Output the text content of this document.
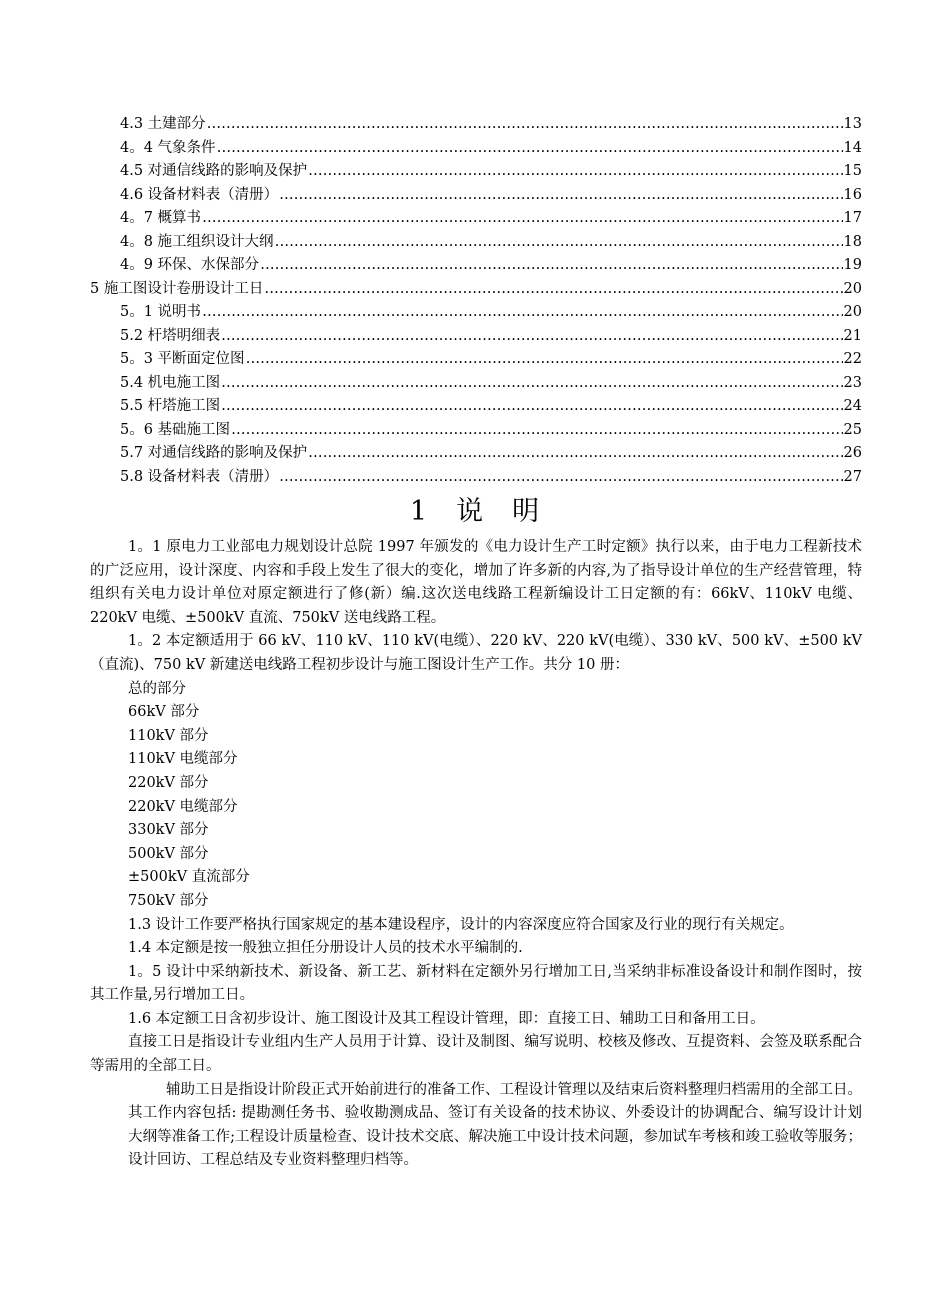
4.3 土建部分 ………………………………………………………………………………………………………………………………………………………………………………………………………………………………	13
4。4 气象条件 ………………………………………………………………………………………………………………………………………………………………………………………………………………………………	14
4.5 对通信线路的影响及保护 ………………………………………………………………………………………………………………………………………………………………………………………………………………………………	15
4.6 设备材料表（清册） ………………………………………………………………………………………………………………………………………………………………………………………………………………………………	16
4。7 概算书 ………………………………………………………………………………………………………………………………………………………………………………………………………………………………	17
4。8 施工组织设计大纲 ………………………………………………………………………………………………………………………………………………………………………………………………………………………………	18
4。9 环保、水保部分 ………………………………………………………………………………………………………………………………………………………………………………………………………………………………	19
5 施工图设计卷册设计工日 ………………………………………………………………………………………………………………………………………………………………………………………………………………………………	20
5。1 说明书 ………………………………………………………………………………………………………………………………………………………………………………………………………………………………	20
5.2 杆塔明细表 ………………………………………………………………………………………………………………………………………………………………………………………………………………………………	21
5。3 平断面定位图 ………………………………………………………………………………………………………………………………………………………………………………………………………………………………	22
5.4 机电施工图 ………………………………………………………………………………………………………………………………………………………………………………………………………………………………	23
5.5 杆塔施工图 ………………………………………………………………………………………………………………………………………………………………………………………………………………………………	24
5。6 基础施工图 ………………………………………………………………………………………………………………………………………………………………………………………………………………………………	25
5.7 对通信线路的影响及保护 ………………………………………………………………………………………………………………………………………………………………………………………………………………………………	26
5.8 设备材料表（清册） ………………………………………………………………………………………………………………………………………………………………………………………………………………………………	27
1 说 明

1。1 原电力工业部电力规划设计总院 1997 年颁发的《电力设计生产工时定额》执行以来，由于电力工程新技术的广泛应用，设计深度、内容和手段上发生了很大的变化，增加了许多新的内容,为了指导设计单位的生产经营管理，特组织有关电力设计单位对原定额进行了修(新）编.这次送电线路工程新编设计工日定额的有：66kV、110kV 电缆、220kV 电缆、±500kV 直流、750kV 送电线路工程。

1。2 本定额适用于 66 kV、110 kV、110 kV(电缆）、220 kV、220 kV(电缆）、330 kV、500 kV、±500 kV（直流)、750 kV 新建送电线路工程初步设计与施工图设计生产工作。共分 10 册：

总的部分

66kV 部分

110kV 部分

110kV 电缆部分

220kV 部分

220kV 电缆部分

330kV 部分

500kV 部分

±500kV 直流部分

750kV 部分

1.3 设计工作要严格执行国家规定的基本建设程序，设计的内容深度应符合国家及行业的现行有关规定。

1.4 本定额是按一般独立担任分册设计人员的技术水平编制的.

1。5 设计中采纳新技术、新设备、新工艺、新材料在定额外另行增加工日,当采纳非标准设备设计和制作图时，按其工作量,另行增加工日。

1.6 本定额工日含初步设计、施工图设计及其工程设计管理，即：直接工日、辅助工日和备用工日。

直接工日是指设计专业组内生产人员用于计算、设计及制图、编写说明、校核及修改、互提资料、会签及联系配合等需用的全部工日。

辅助工日是指设计阶段正式开始前进行的准备工作、工程设计管理以及结束后资料整理归档需用的全部工日。其工作内容包括: 提勘测任务书、验收勘测成品、签订有关设备的技术协议、外委设计的协调配合、编写设计计划大纲等准备工作;工程设计质量检查、设计技术交底、解决施工中设计技术问题，参加试车考核和竣工验收等服务；设计回访、工程总结及专业资料整理归档等。
